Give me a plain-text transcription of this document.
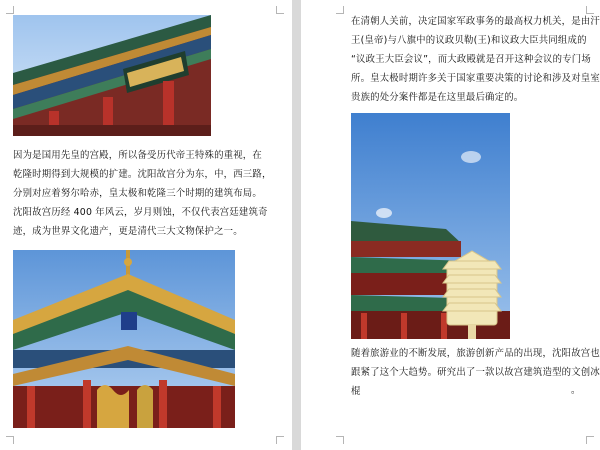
因为是国用先皇的宫殿，所以备受历代帝王特殊的重视，在
乾隆时期得到大规模的扩建。沈阳故宫分为东，中，西三路，
分别对应着努尔哈赤，皇太极和乾隆三个时期的建筑布局。
沈阳故宫历经 400 年风云，岁月则蚀，不仅代表宫廷建筑奇
迹，成为世界文化遗产，更是清代三大文物保护之一。

在清朝人关前，决定国家军政事务的最高权力机关，是由汗
王(皇帝)与八旗中的议政贝勒(王)和议政大臣共同组成的
“议政王大臣会议”，而大政殿就是召开这种会议的专门场
所。皇太极时期许多关于国家重要决策的讨论和涉及对皇室
贵族的处分案件都是在这里最后确定的。

随着旅游业的不断发展，旅游创新产品的出现，沈阳故宫也
跟紧了这个大趋势。研究出了一款以故宫建筑造型的文创冰
棍	。
